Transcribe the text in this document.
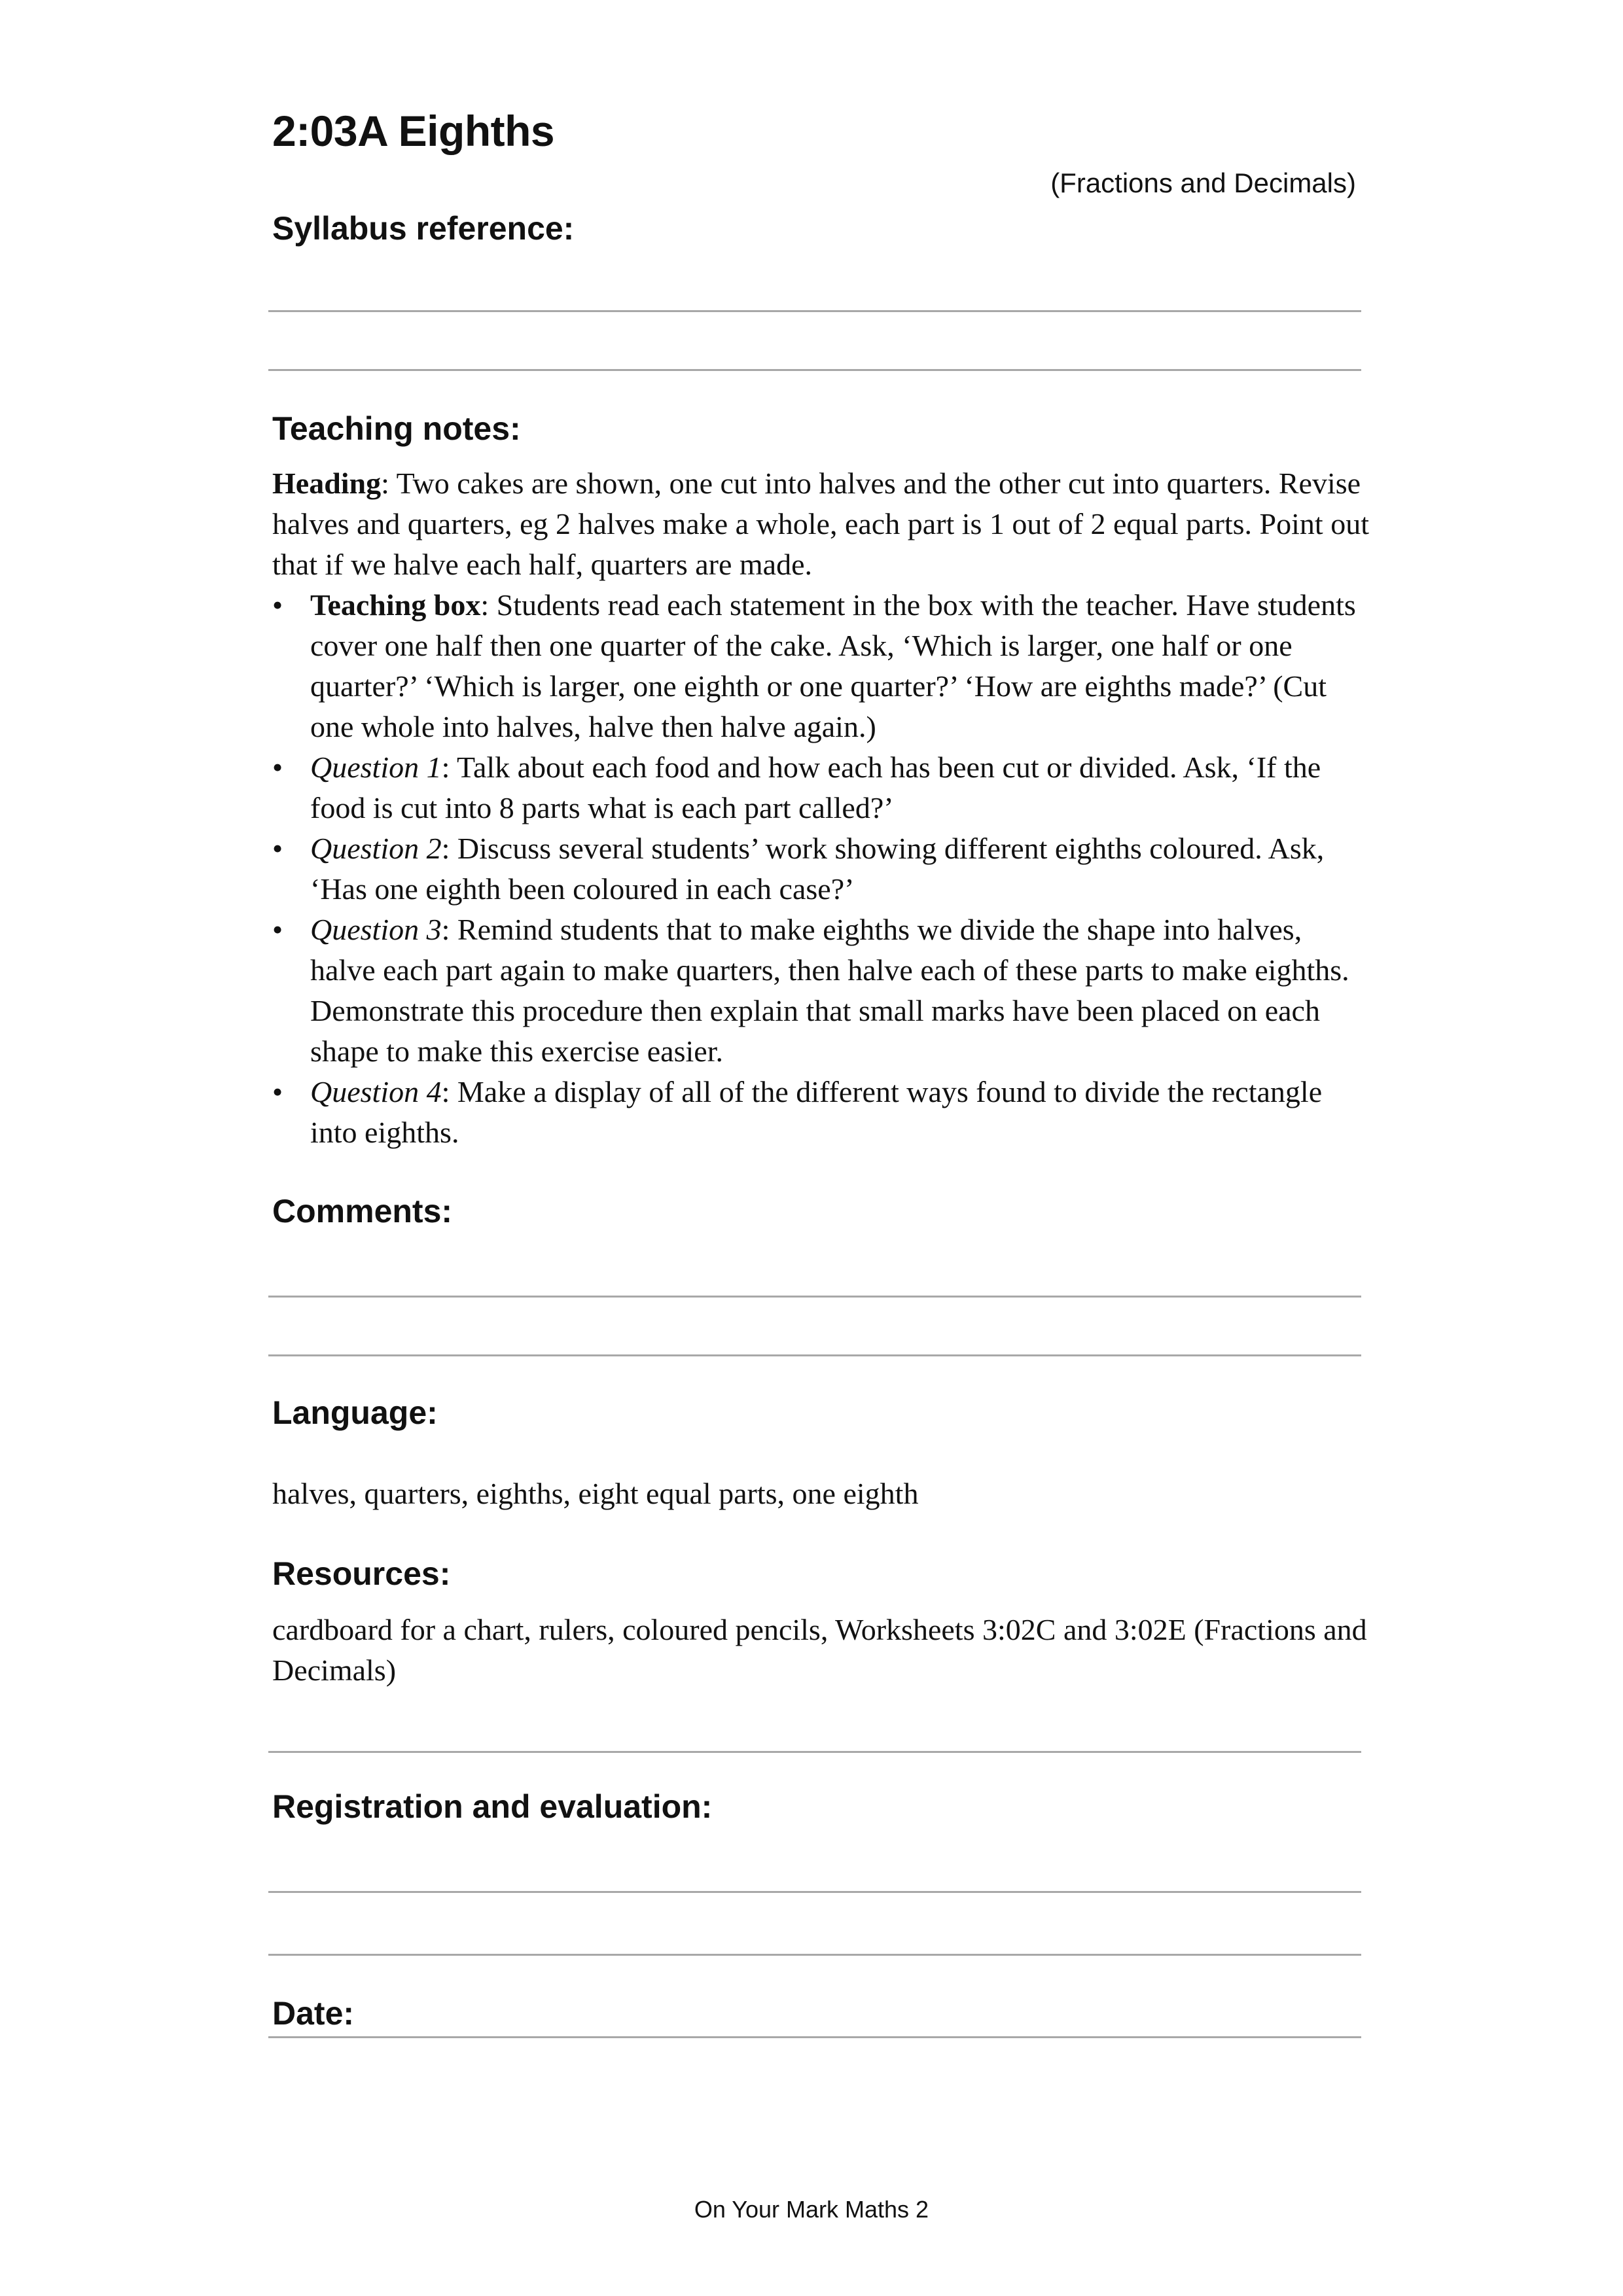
2:03A Eighths
(Fractions and Decimals)
Syllabus reference:
Teaching notes:

Heading: Two cakes are shown, one cut into halves and the other cut into quarters. Revise halves and quarters, eg 2 halves make a whole, each part is 1 out of 2 equal parts. Point out that if we halve each half, quarters are made.

• Teaching box: Students read each statement in the box with the teacher. Have students cover one half then one quarter of the cake. Ask, ‘Which is larger, one half or one quarter?’ ‘Which is larger, one eighth or one quarter?’ ‘How are eighths made?’ (Cut one whole into halves, halve then halve again.)
• Question 1: Talk about each food and how each has been cut or divided. Ask, ‘If the food is cut into 8 parts what is each part called?’
• Question 2: Discuss several students’ work showing different eighths coloured. Ask, ‘Has one eighth been coloured in each case?’
• Question 3: Remind students that to make eighths we divide the shape into halves, halve each part again to make quarters, then halve each of these parts to make eighths. Demonstrate this procedure then explain that small marks have been placed on each shape to make this exercise easier.
• Question 4: Make a display of all of the different ways found to divide the rectangle into eighths.
Comments:
Language:
halves, quarters, eighths, eight equal parts, one eighth
Resources:
cardboard for a chart, rulers, coloured pencils, Worksheets 3:02C and 3:02E (Fractions and Decimals)
Registration and evaluation:
Date:
On Your Mark Maths 2
